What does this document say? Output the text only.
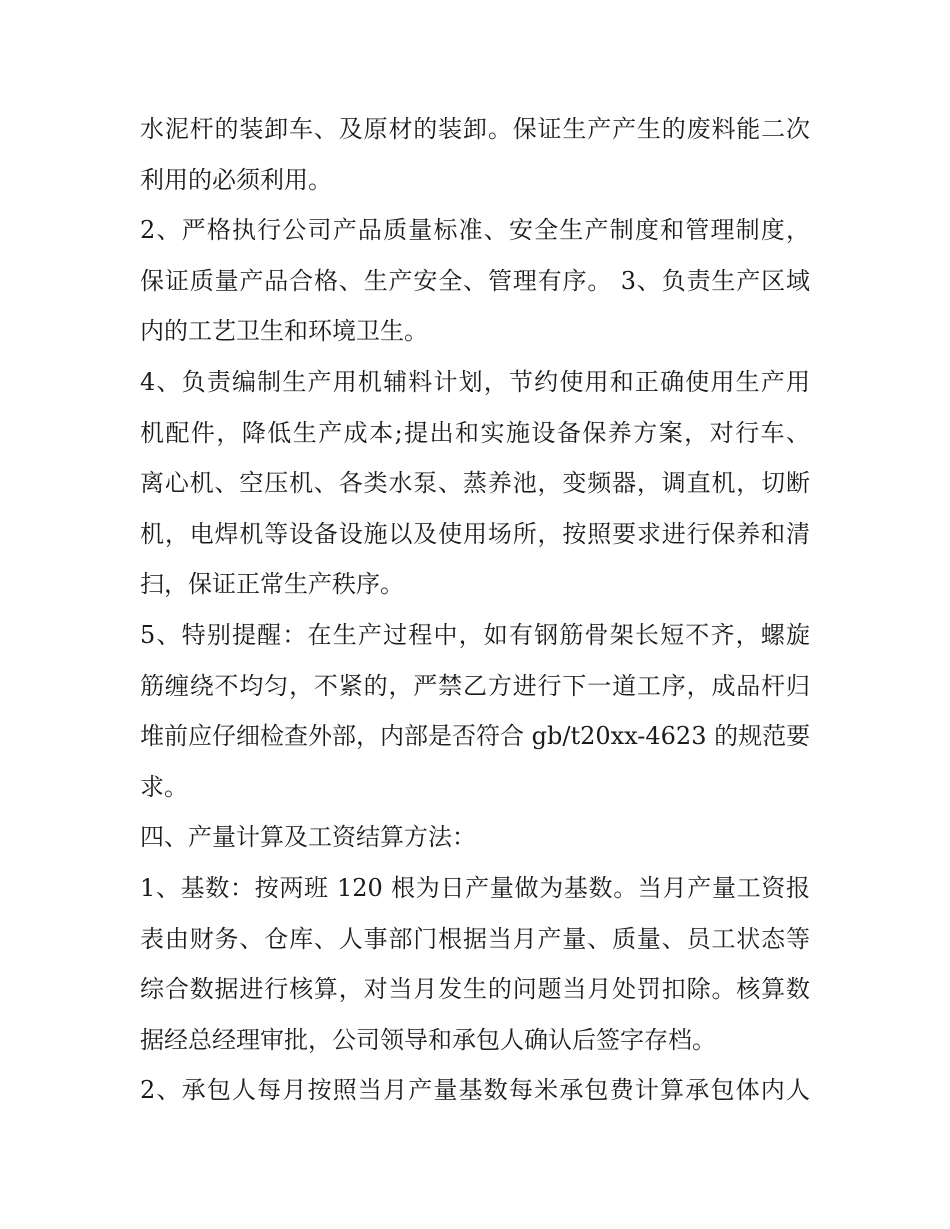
水泥杆的装卸车、及原材的装卸。保证生产产生的废料能二次
利用的必须利用。
2、严格执行公司产品质量标准、安全生产制度和管理制度，
保证质量产品合格、生产安全、管理有序。 3、负责生产区域
内的工艺卫生和环境卫生。
4、负责编制生产用机辅料计划，节约使用和正确使用生产用
机配件，降低生产成本;提出和实施设备保养方案，对行车、
离心机、空压机、各类水泵、蒸养池，变频器，调直机，切断
机，电焊机等设备设施以及使用场所，按照要求进行保养和清
扫，保证正常生产秩序。
5、特别提醒：在生产过程中，如有钢筋骨架长短不齐，螺旋
筋缠绕不均匀，不紧的，严禁乙方进行下一道工序，成品杆归
堆前应仔细检查外部，内部是否符合 gb/t20xx-4623 的规范要
求。
四、产量计算及工资结算方法：
1、基数：按两班 120 根为日产量做为基数。当月产量工资报
表由财务、仓库、人事部门根据当月产量、质量、员工状态等
综合数据进行核算，对当月发生的问题当月处罚扣除。核算数
据经总经理审批，公司领导和承包人确认后签字存档。
2、承包人每月按照当月产量基数每米承包费计算承包体内人
